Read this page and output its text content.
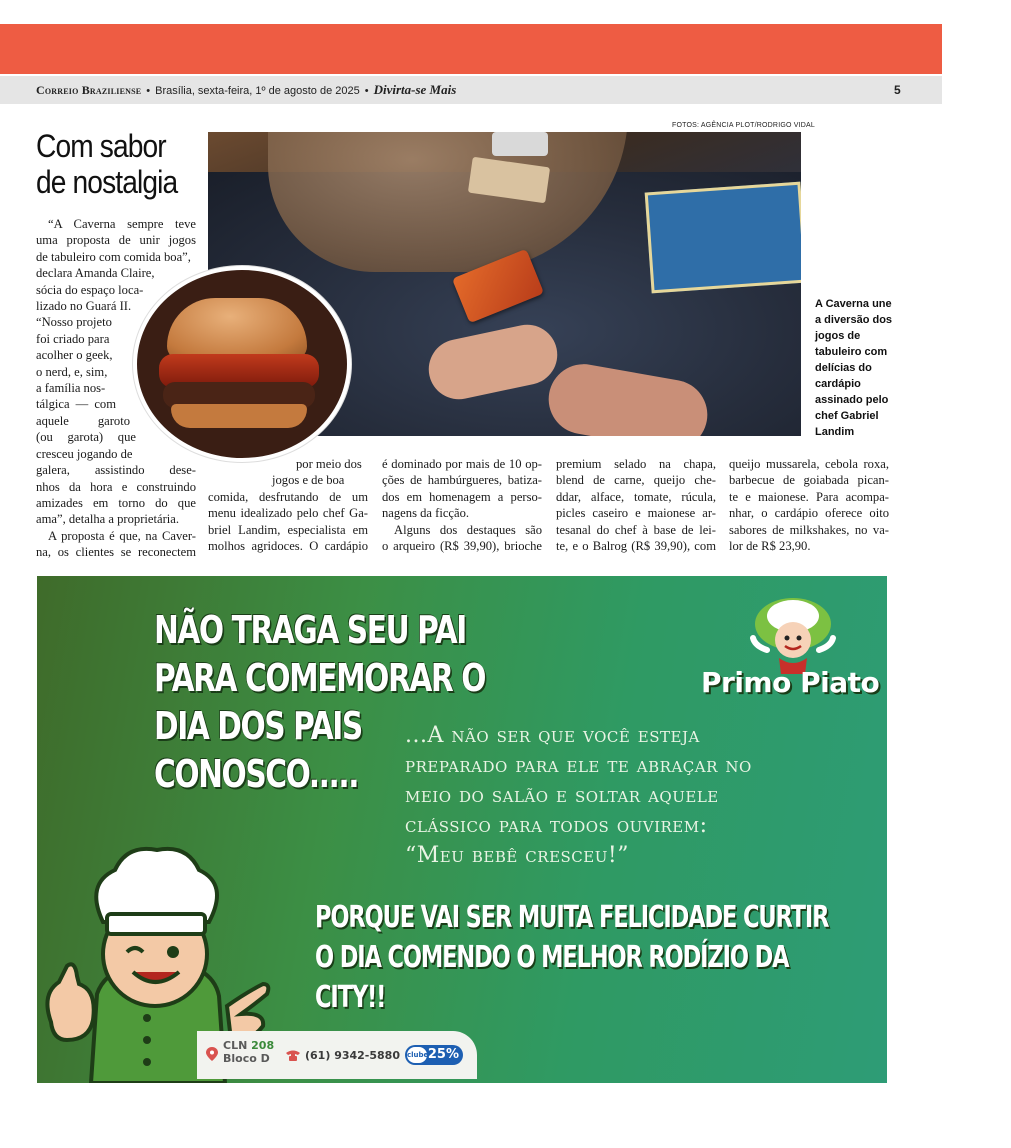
Correio Braziliense • Brasília, sexta-feira, 1º de agosto de 2025 • Divirta-se Mais	5
Com sabor
de nostalgia
FOTOS: AGÊNCIA PLOT/RODRIGO VIDAL
A Caverna une a diversão dos jogos de tabuleiro com delícias do cardápio assinado pelo chef Gabriel Landim
“A Caverna sempre teve
uma proposta de unir jogos
de tabuleiro com comida boa”,
declara Amanda Claire,
sócia do espaço loca-
lizado no Guará II.
“Nosso projeto
foi criado para
acolher o geek,
o nerd, e, sim,
a família nos-
tálgica — com
aquele garoto
(ou garota) que
cresceu jogando de
galera, assistindo dese-
nhos da hora e construindo
amizades em torno do que
ama”, detalha a proprietária.
A proposta é que, na Caver-
na, os clientes se reconectem
por meio dos
jogos e de boa
comida, desfrutando de um
menu idealizado pelo chef Ga-
briel Landim, especialista em
molhos agridoces. O cardápio
é dominado por mais de 10 op-
ções de hambúrgueres, batiza-
dos em homenagem a perso-
nagens da ficção.
Alguns dos destaques são
o arqueiro (R$ 39,90), brioche
premium selado na chapa,
blend de carne, queijo che-
ddar, alface, tomate, rúcula,
picles caseiro e maionese ar-
tesanal do chef à base de lei-
te, e o Balrog (R$ 39,90), com
queijo mussarela, cebola roxa,
barbecue de goiabada pican-
te e maionese. Para acompa-
nhar, o cardápio oferece oito
sabores de milkshakes, no va-
lor de R$ 23,90.
NÃO TRAGA SEU PAI
PARA COMEMORAR O
DIA DOS PAIS
CONOSCO.....
Primo Piato
...A não ser que você esteja
preparado para ele te abraçar no
meio do salão e soltar aquele
clássico para todos ouvirem:
“Meu bebê cresceu!”
PORQUE VAI SER MUITA FELICIDADE CURTIR
O DIA COMENDO O MELHOR RODÍZIO DA
CITY!!
CLN 208
Bloco D	(61) 9342-5880	25%
clube
